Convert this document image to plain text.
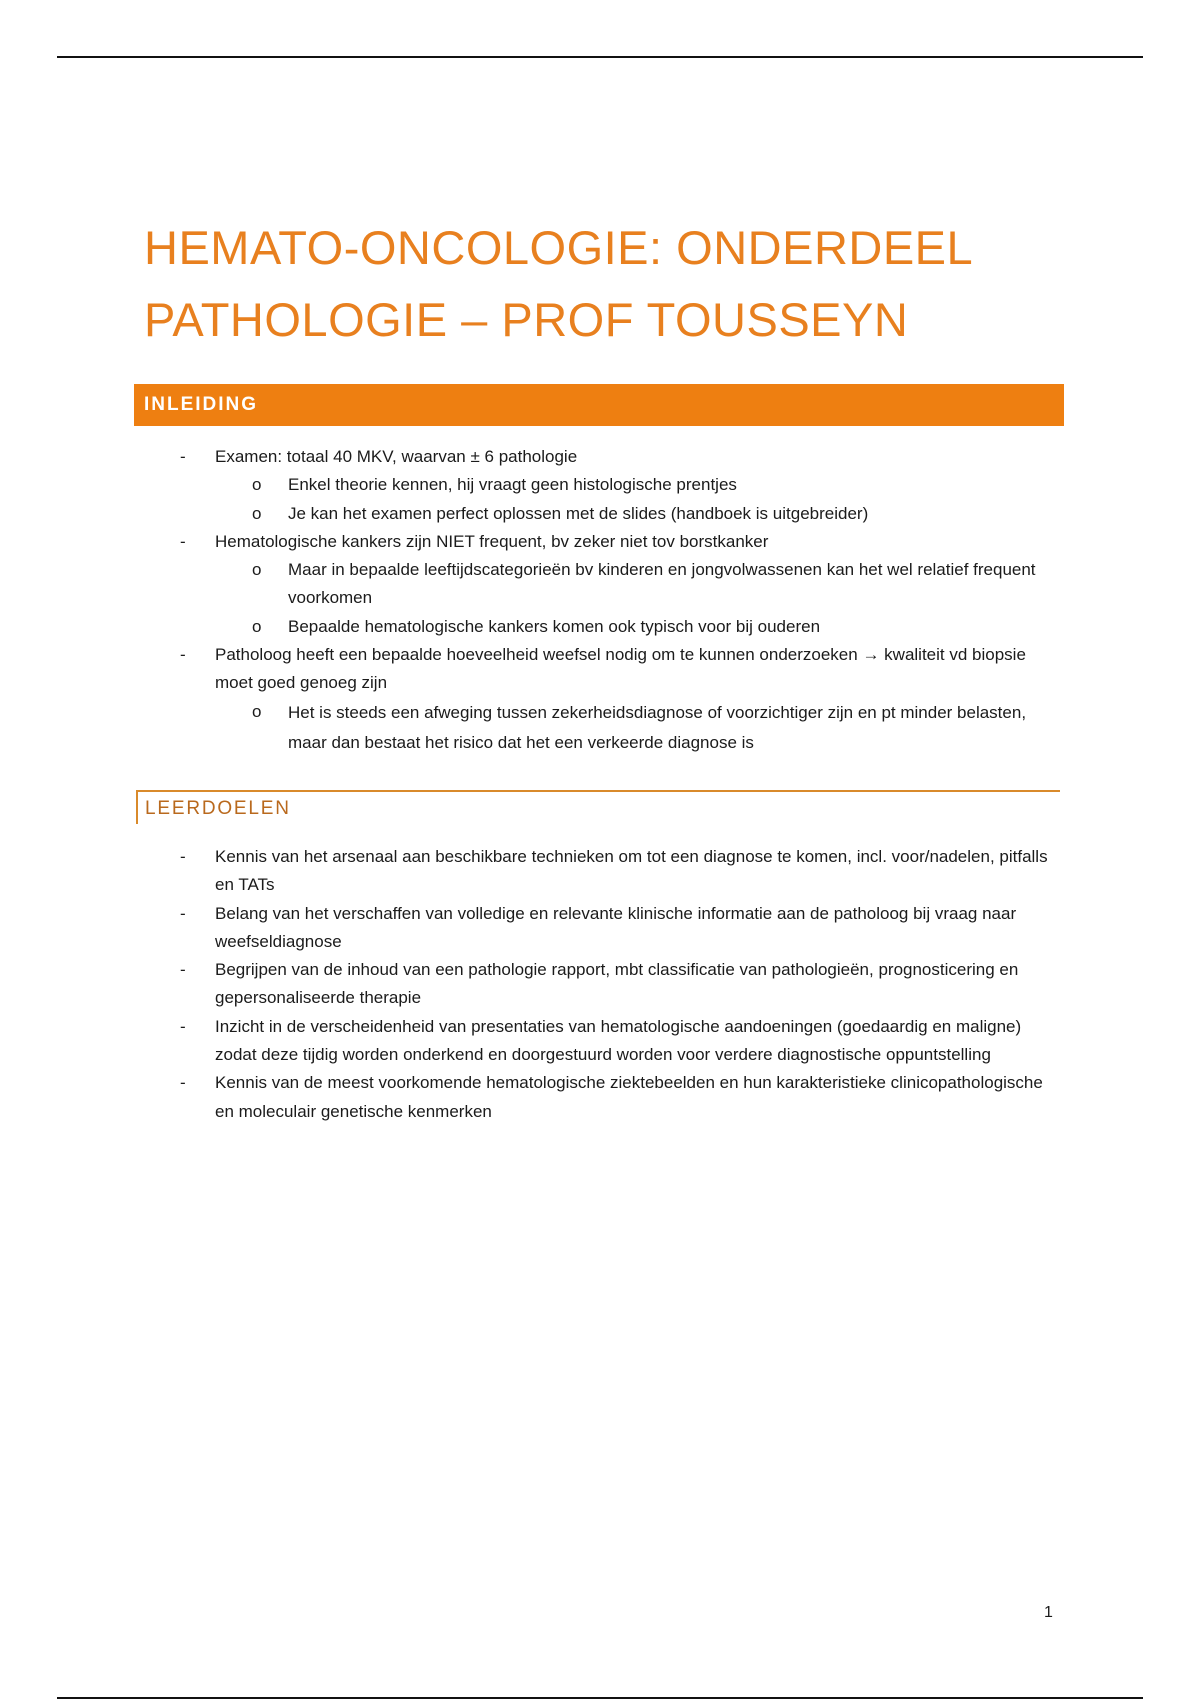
HEMATO-ONCOLOGIE: ONDERDEEL
PATHOLOGIE – PROF TOUSSEYN
INLEIDING
- Examen: totaal 40 MKV, waarvan ± 6 pathologie
o Enkel theorie kennen, hij vraagt geen histologische prentjes
o Je kan het examen perfect oplossen met de slides (handboek is uitgebreider)
- Hematologische kankers zijn NIET frequent, bv zeker niet tov borstkanker
o Maar in bepaalde leeftijdscategorieën bv kinderen en jongvolwassenen kan het wel relatief frequent voorkomen
o Bepaalde hematologische kankers komen ook typisch voor bij ouderen
- Patholoog heeft een bepaalde hoeveelheid weefsel nodig om te kunnen onderzoeken → kwaliteit vd biopsie moet goed genoeg zijn
o Het is steeds een afweging tussen zekerheidsdiagnose of voorzichtiger zijn en pt minder belasten, maar dan bestaat het risico dat het een verkeerde diagnose is
LEERDOELEN
- Kennis van het arsenaal aan beschikbare technieken om tot een diagnose te komen, incl. voor/nadelen, pitfalls en TATs
- Belang van het verschaffen van volledige en relevante klinische informatie aan de patholoog bij vraag naar weefseldiagnose
- Begrijpen van de inhoud van een pathologie rapport, mbt classificatie van pathologieën, prognosticering en gepersonaliseerde therapie
- Inzicht in de verscheidenheid van presentaties van hematologische aandoeningen (goedaardig en maligne) zodat deze tijdig worden onderkend en doorgestuurd worden voor verdere diagnostische oppuntstelling
- Kennis van de meest voorkomende hematologische ziektebeelden en hun karakteristieke clinicopathologische en moleculair genetische kenmerken
1
